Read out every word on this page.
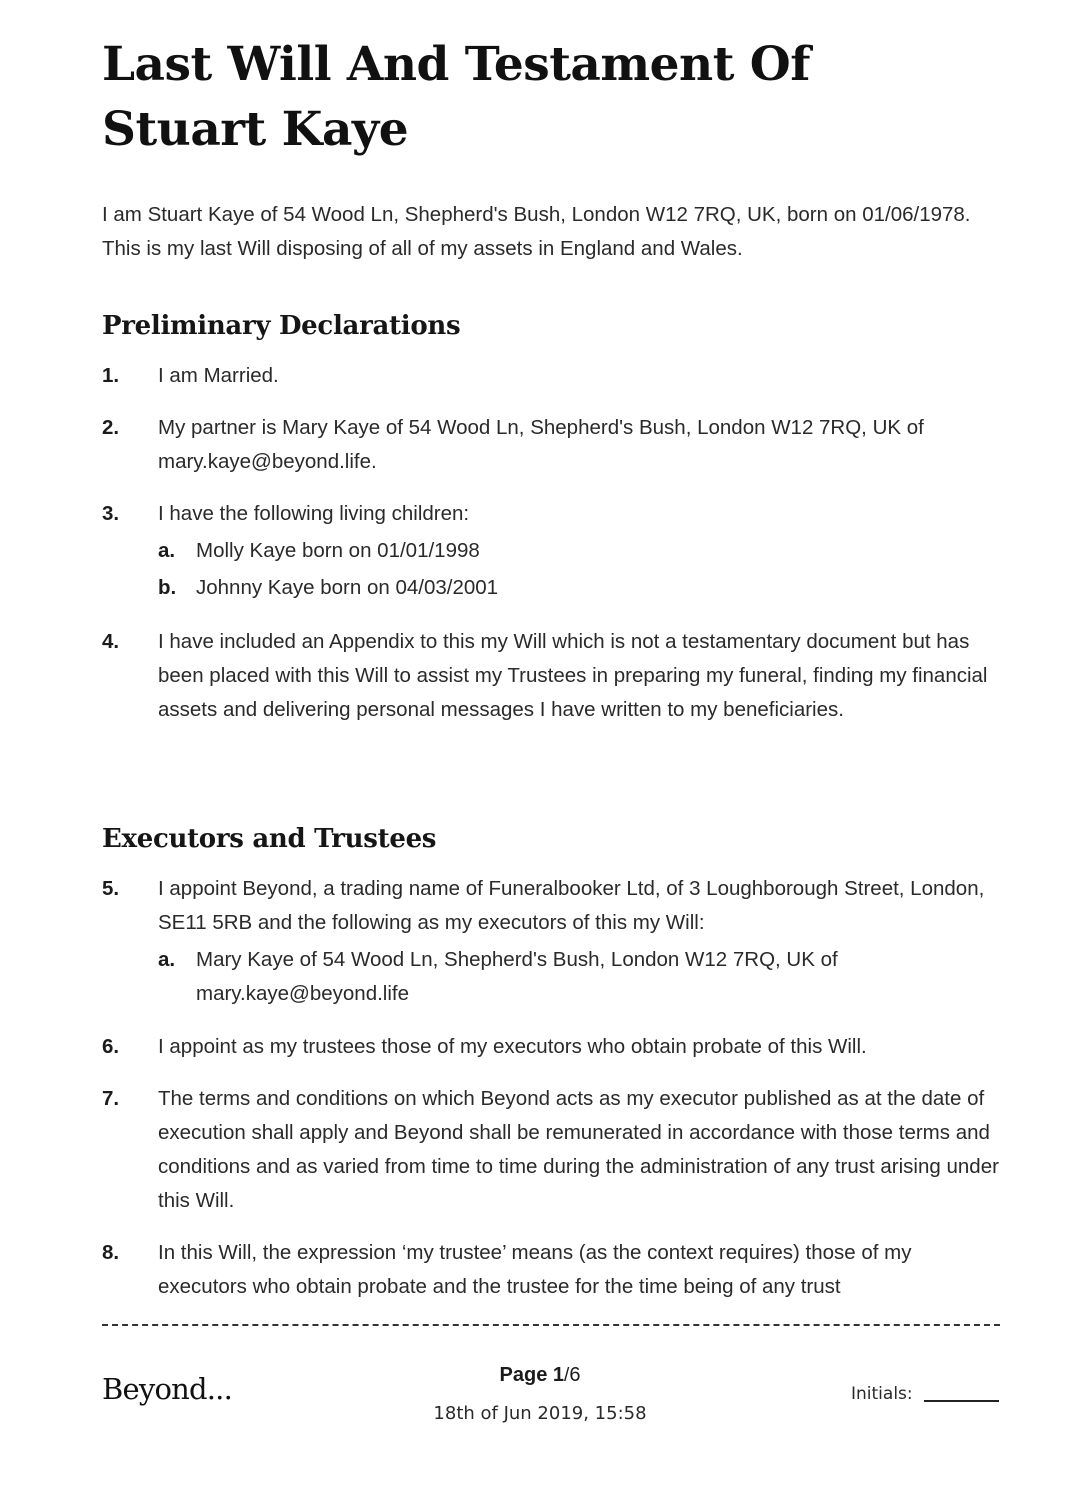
Last Will And Testament Of
Stuart Kaye

I am Stuart Kaye of 54 Wood Ln, Shepherd's Bush, London W12 7RQ, UK, born on 01/06/1978. This is my last Will disposing of all of my assets in England and Wales.

Preliminary Declarations
1. I am Married.
2. My partner is Mary Kaye of 54 Wood Ln, Shepherd's Bush, London W12 7RQ, UK of mary.kaye@beyond.life.
3. I have the following living children:
a. Molly Kaye born on 01/01/1998
b. Johnny Kaye born on 04/03/2001
4. I have included an Appendix to this my Will which is not a testamentary document but has been placed with this Will to assist my Trustees in preparing my funeral, finding my financial assets and delivering personal messages I have written to my beneficiaries.
Executors and Trustees
5. I appoint Beyond, a trading name of Funeralbooker Ltd, of 3 Loughborough Street, London, SE11 5RB and the following as my executors of this my Will:
a. Mary Kaye of 54 Wood Ln, Shepherd's Bush, London W12 7RQ, UK of mary.kaye@beyond.life
6. I appoint as my trustees those of my executors who obtain probate of this Will.
7. The terms and conditions on which Beyond acts as my executor published as at the date of execution shall apply and Beyond shall be remunerated in accordance with those terms and conditions and as varied from time to time during the administration of any trust arising under this Will.
8. In this Will, the expression ‘my trustee’ means (as the context requires) those of my executors who obtain probate and the trustee for the time being of any trust
Beyond...	Page 1/6
18th of Jun 2019, 15:58
Initials:
